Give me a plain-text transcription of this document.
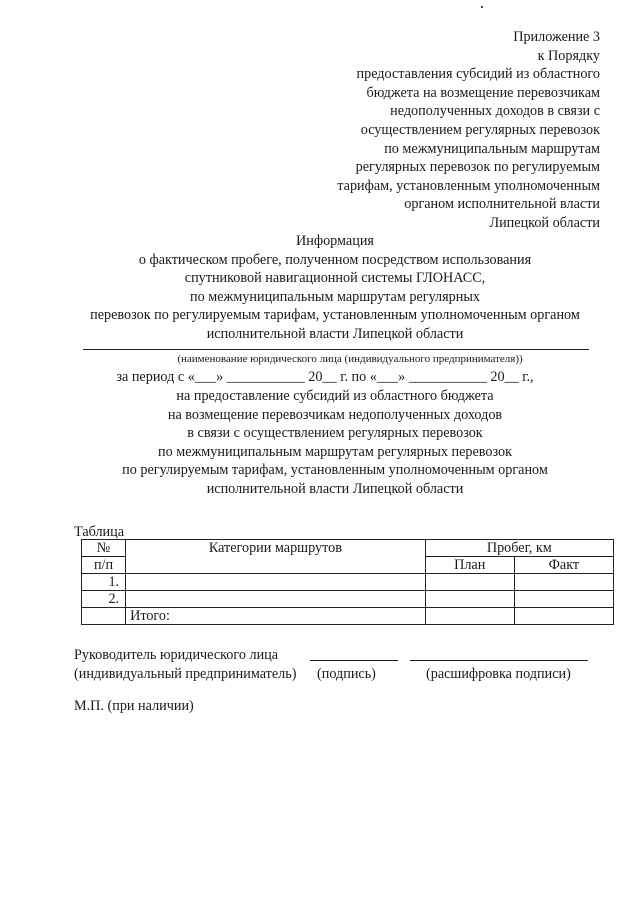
Приложение 3
к Порядку
предоставления субсидий из областного
бюджета на возмещение перевозчикам
недополученных доходов в связи с
осуществлением регулярных перевозок
по межмуниципальным маршрутам
регулярных перевозок по регулируемым
тарифам, установленным уполномоченным
органом исполнительной власти
Липецкой области
Информация
о фактическом пробеге, полученном посредством использования
спутниковой навигационной системы ГЛОНАСС,
по межмуниципальным маршрутам регулярных
перевозок по регулируемым тарифам, установленным уполномоченным органом
исполнительной власти Липецкой области
(наименование юридического лица (индивидуального предпринимателя))
за период с «___» ___________ 20__ г. по «___» ___________ 20__ г.,
на предоставление субсидий из областного бюджета
на возмещение перевозчикам недополученных доходов
в связи с осуществлением регулярных перевозок
по межмуниципальным маршрутам регулярных перевозок
по регулируемым тарифам, установленным уполномоченным органом
исполнительной власти Липецкой области
Таблица
№	Категории маршрутов	Пробег, км	
п/п		План	Факт
1.			
2.			
	Итого:		
Руководитель юридического лица
(индивидуальный предприниматель) (подпись)	(расшифровка подписи)
М.П. (при наличии)
